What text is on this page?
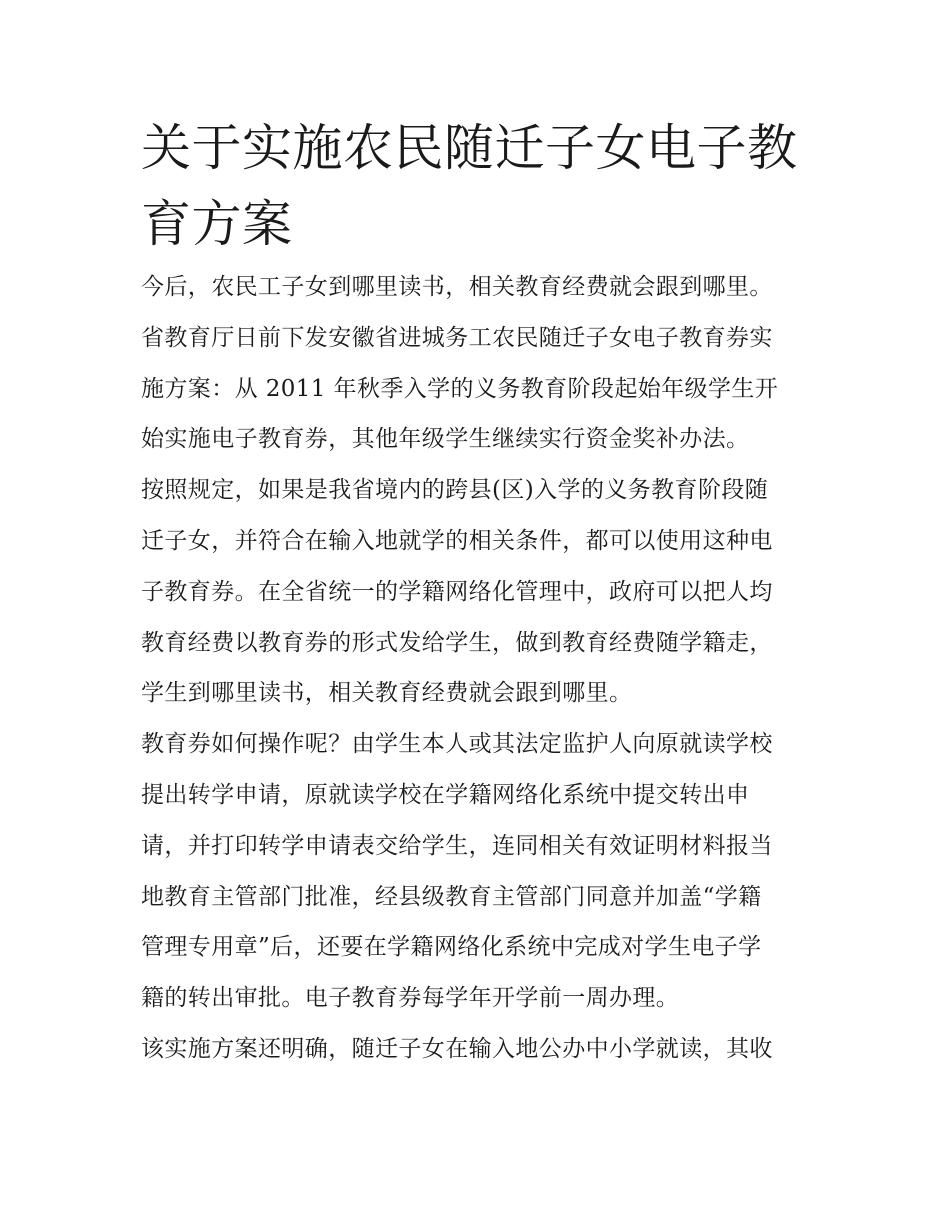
关于实施农民随迁子女电子教
育方案

今后，农民工子女到哪里读书，相关教育经费就会跟到哪里。
省教育厅日前下发安徽省进城务工农民随迁子女电子教育券实
施方案：从 2011 年秋季入学的义务教育阶段起始年级学生开
始实施电子教育券，其他年级学生继续实行资金奖补办法。

按照规定，如果是我省境内的跨县(区)入学的义务教育阶段随
迁子女，并符合在输入地就学的相关条件，都可以使用这种电
子教育券。在全省统一的学籍网络化管理中，政府可以把人均
教育经费以教育券的形式发给学生，做到教育经费随学籍走，
学生到哪里读书，相关教育经费就会跟到哪里。

教育券如何操作呢？由学生本人或其法定监护人向原就读学校
提出转学申请，原就读学校在学籍网络化系统中提交转出申
请，并打印转学申请表交给学生，连同相关有效证明材料报当
地教育主管部门批准，经县级教育主管部门同意并加盖“学籍
管理专用章”后，还要在学籍网络化系统中完成对学生电子学
籍的转出审批。电子教育券每学年开学前一周办理。

该实施方案还明确，随迁子女在输入地公办中小学就读，其收
